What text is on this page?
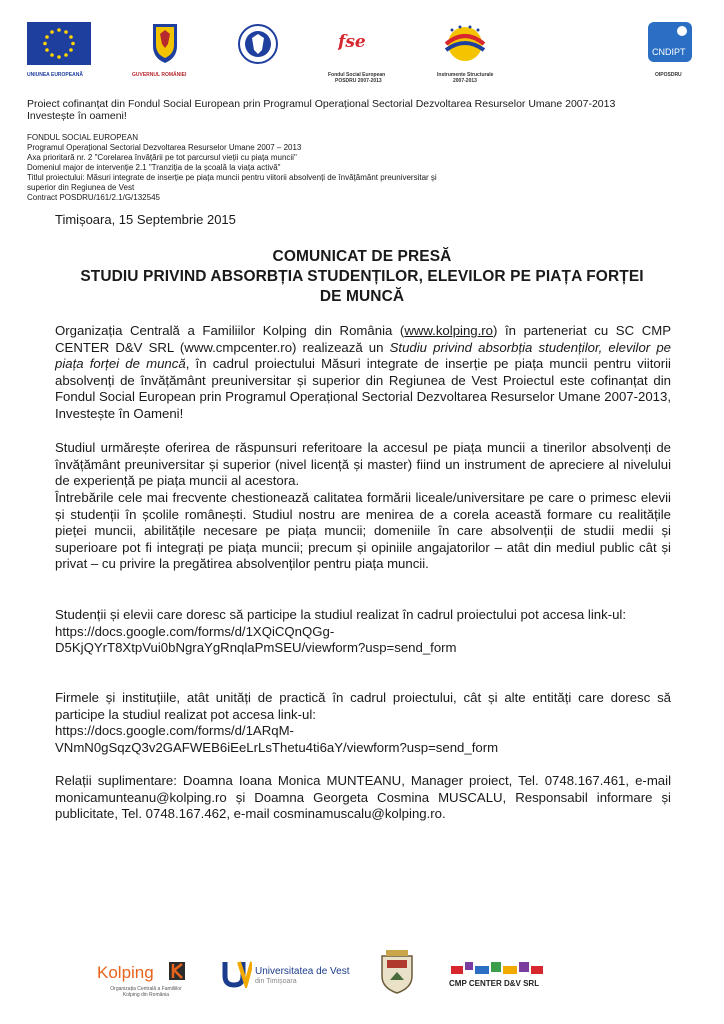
UNIUNEA EUROPEANĂ	GUVERNUL ROMÂNIEI
fse
Fondul Social European
POSDRU 2007-2013
Instrumente Structurale
2007-2013
CNDIPT
OIPOSDRU
Proiect cofinanțat din Fondul Social European prin Programul Operațional Sectorial Dezvoltarea Resurselor Umane 2007-2013
Investește în oameni!
FONDUL SOCIAL EUROPEAN
Programul Operațional Sectorial Dezvoltarea Resurselor Umane 2007 – 2013
Axa prioritară nr. 2 "Corelarea învățării pe tot parcursul vieții cu piața muncii"
Domeniul major de intervenție 2.1 "Tranziția de la școală la viața activă"
Titlul proiectului: Măsuri integrate de inserție pe piața muncii pentru viitorii absolvenți de învățământ preuniversitar și
superior din Regiunea de Vest
Contract POSDRU/161/2.1/G/132545
Timișoara, 15 Septembrie 2015
COMUNICAT DE PRESĂ
STUDIU PRIVIND ABSORBȚIA STUDENȚILOR, ELEVILOR PE PIAȚA FORȚEI
DE MUNCĂ

Organizația Centrală a Familiilor Kolping din România (www.kolping.ro) în parteneriat cu SC CMP CENTER D&V SRL (www.cmpcenter.ro) realizează un Studiu privind absorbția studenților, elevilor pe piața forței de muncă, în cadrul proiectului Măsuri integrate de inserție pe piața muncii pentru viitorii absolvenți de învățământ preuniversitar și superior din Regiunea de Vest Proiectul este cofinanțat din Fondul Social European prin Programul Operațional Sectorial Dezvoltarea Resurselor Umane 2007-2013, Investește în Oameni!

Studiul urmărește oferirea de răspunsuri referitoare la accesul pe piața muncii a tinerilor absolvenți de învățământ preuniversitar și superior (nivel licență și master) fiind un instrument de apreciere al nivelului de experiență pe piața muncii al acestora.

Întrebările cele mai frecvente chestionează calitatea formării liceale/universitare pe care o primesc elevii și studenții în școlile românești. Studiul nostru are menirea de a corela această formare cu realitățile pieței muncii, abilitățile necesare pe piața muncii; domeniile în care absolvenții de studii medii și superioare pot fi integrați pe piața muncii; precum și opiniile angajatorilor – atât din mediul public cât și privat – cu privire la pregătirea absolvenților pentru piața muncii.

Studenții și elevii care doresc să participe la studiul realizat în cadrul proiectului pot accesa link-ul:

https://docs.google.com/forms/d/1XQiCQnQGg-

D5KjQYrT8XtpVui0bNgraYgRnqlaPmSEU/viewform?usp=send_form

Firmele și instituțiile, atât unități de practică în cadrul proiectului, cât și alte entități care doresc să participe la studiul realizat pot accesa link-ul:

https://docs.google.com/forms/d/1ARqM-

VNmN0gSqzQ3v2GAFWEB6iEeLrLsThetu4ti6aY/viewform?usp=send_form

Relații suplimentare: Doamna Ioana Monica MUNTEANU, Manager proiect, Tel. 0748.167.461, e-mail monicamunteanu@kolping.ro și Doamna Georgeta Cosmina MUSCALU, Responsabil informare și publicitate, Tel. 0748.167.462, e-mail cosminamuscalu@kolping.ro.

Kolping
Organizația Centrală a Familiilor
Kolping din România
Universitatea de Vest
din Timișoara	CMP CENTER D&V SRL
